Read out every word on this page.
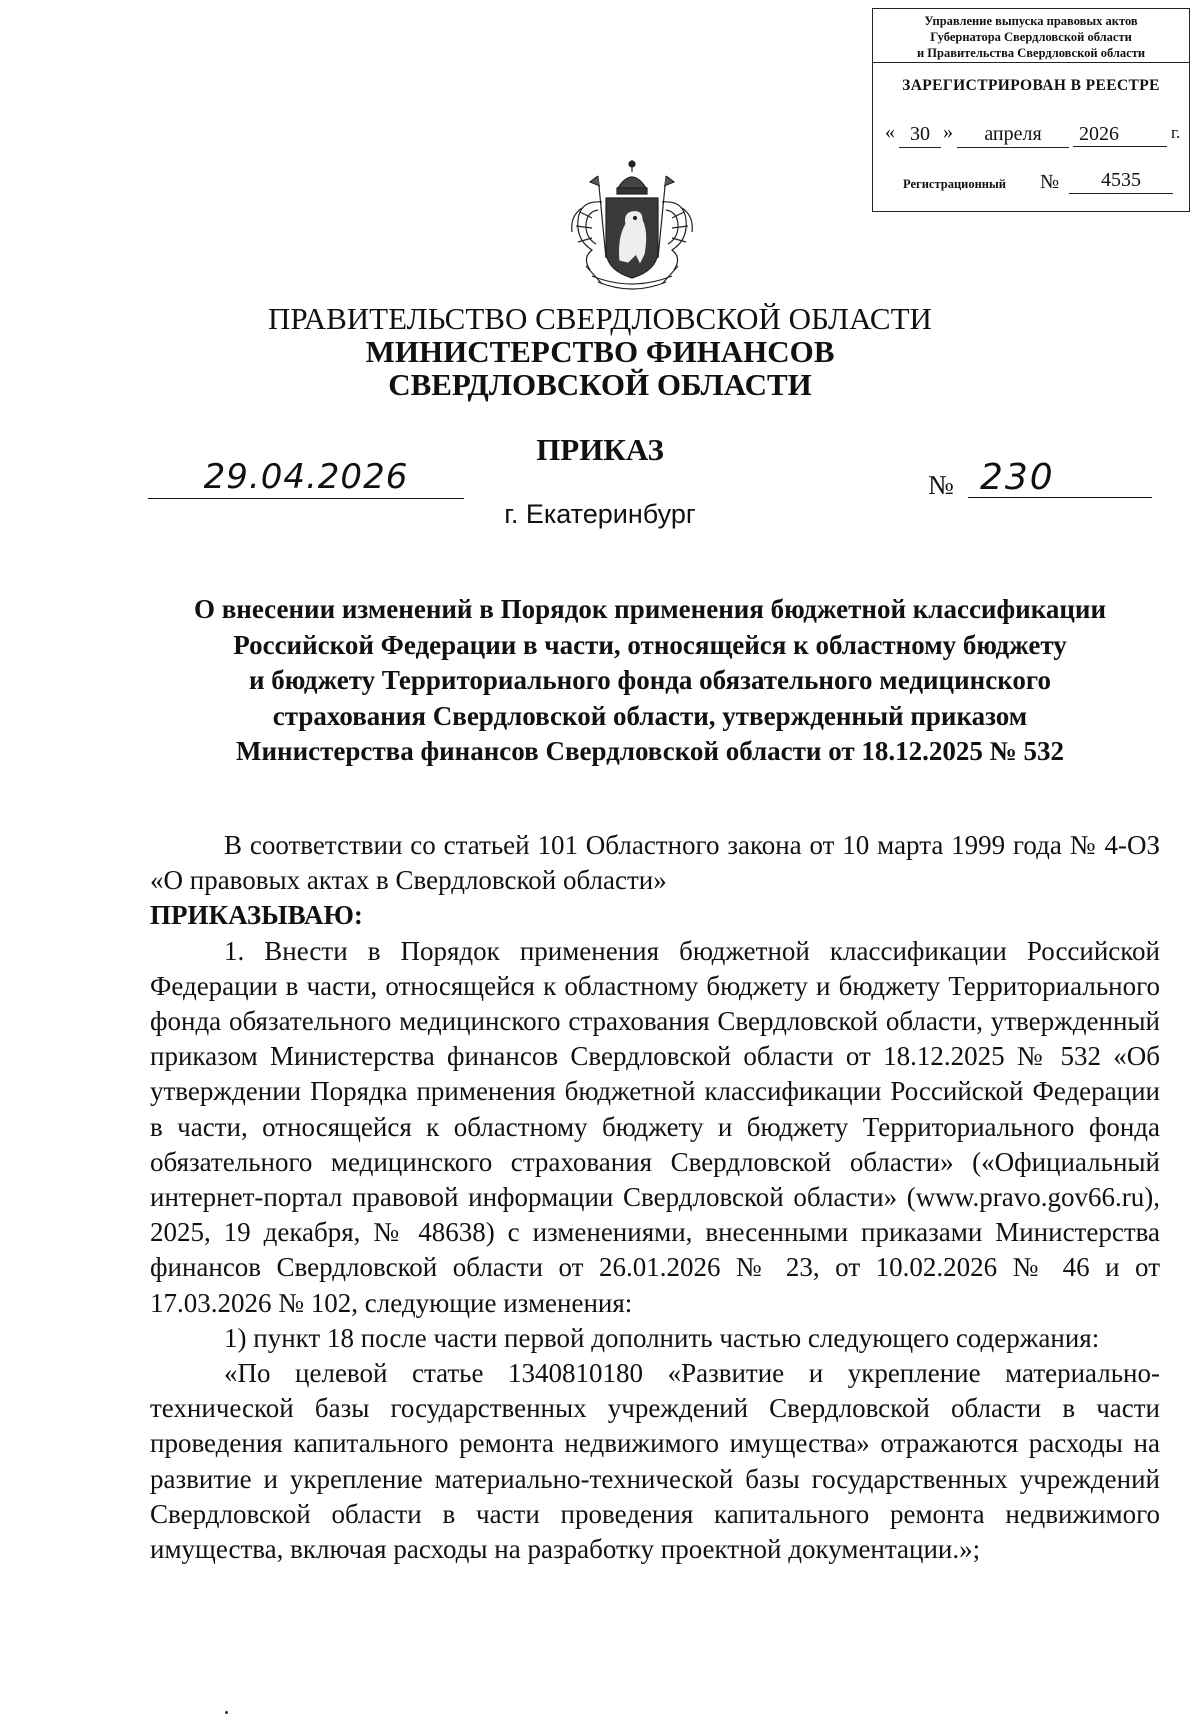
Управление выпуска правовых актов
Губернатора Свердловской области
и Правительства Свердловской области
ЗАРЕГИСТРИРОВАН В РЕЕСТРЕ
« 30 »	апреля	2026	г.
Регистрационный №	4535
ПРАВИТЕЛЬСТВО СВЕРДЛОВСКОЙ ОБЛАСТИ
МИНИСТЕРСТВО ФИНАНСОВ
СВЕРДЛОВСКОЙ ОБЛАСТИ
ПРИКАЗ
29.04.2026	№ 230
г. Екатеринбург
О внесении изменений в Порядок применения бюджетной классификации
Российской Федерации в части, относящейся к областному бюджету
и бюджету Территориального фонда обязательного медицинского
страхования Свердловской области, утвержденный приказом
Министерства финансов Свердловской области от 18.12.2025 № 532

В соответствии со статьей 101 Областного закона от 10 марта 1999 года № 4-ОЗ «О правовых актах в Свердловской области»

ПРИКАЗЫВАЮ:

1. Внести в Порядок применения бюджетной классификации Российской Федерации в части, относящейся к областному бюджету и бюджету Территориального фонда обязательного медицинского страхования Свердловской области, утвержденный приказом Министерства финансов Свердловской области от 18.12.2025 № 532 «Об утверждении Порядка применения бюджетной классификации Российской Федерации в части, относящейся к областному бюджету и бюджету Территориального фонда обязательного медицинского страхования Свердловской области» («Официальный интернет-портал правовой информации Свердловской области» (www.pravo.gov66.ru), 2025, 19 декабря, № 48638) с изменениями, внесенными приказами Министерства финансов Свердловской области от 26.01.2026 № 23, от 10.02.2026 № 46 и от 17.03.2026 № 102, следующие изменения:

1) пункт 18 после части первой дополнить частью следующего содержания:

«По целевой статье 1340810180 «Развитие и укрепление материально-технической базы государственных учреждений Свердловской области в части проведения капитального ремонта недвижимого имущества» отражаются расходы на развитие и укрепление материально-технической базы государственных учреждений Свердловской области в части проведения капитального ремонта недвижимого имущества, включая расходы на разработку проектной документации.»;
